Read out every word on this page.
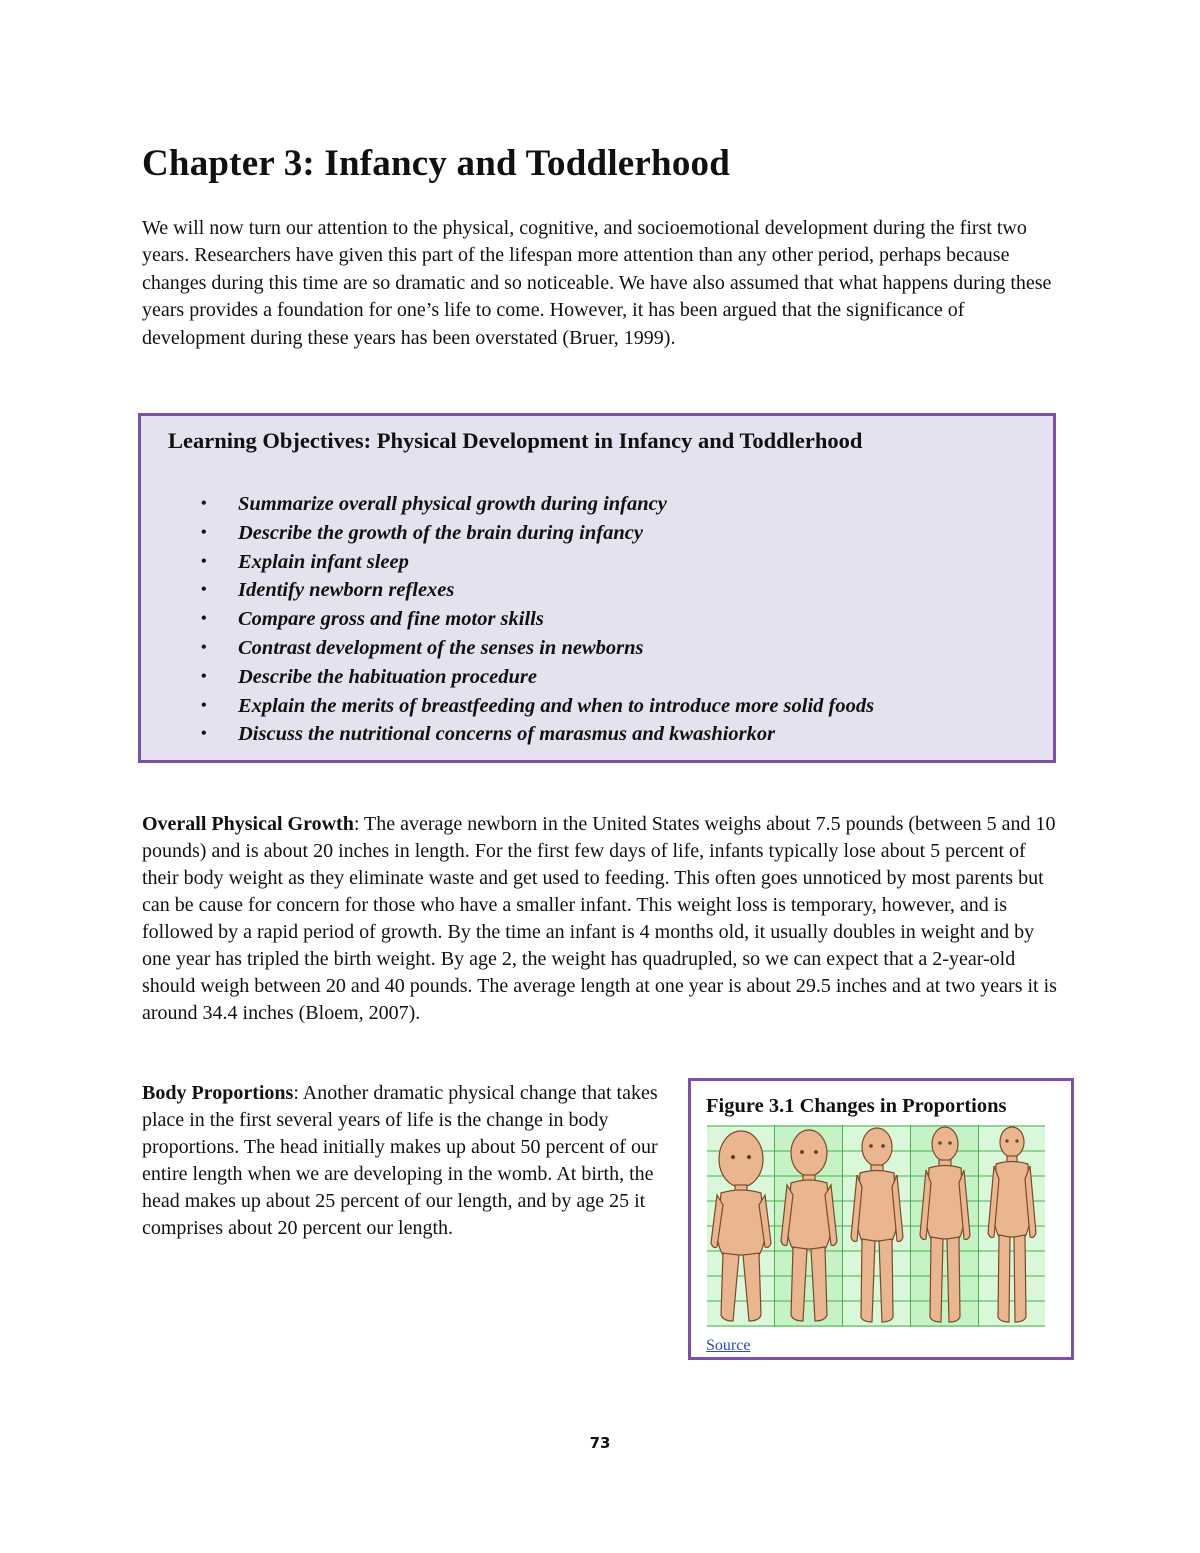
Chapter 3: Infancy and Toddlerhood

We will now turn our attention to the physical, cognitive, and socioemotional development during the first two years. Researchers have given this part of the lifespan more attention than any other period, perhaps because changes during this time are so dramatic and so noticeable. We have also assumed that what happens during these years provides a foundation for one’s life to come. However, it has been argued that the significance of development during these years has been overstated (Bruer, 1999).

Learning Objectives: Physical Development in Infancy and Toddlerhood
• Summarize overall physical growth during infancy
• Describe the growth of the brain during infancy
• Explain infant sleep
• Identify newborn reflexes
• Compare gross and fine motor skills
• Contrast development of the senses in newborns
• Describe the habituation procedure
• Explain the merits of breastfeeding and when to introduce more solid foods
• Discuss the nutritional concerns of marasmus and kwashiorkor

Overall Physical Growth: The average newborn in the United States weighs about 7.5 pounds (between 5 and 10 pounds) and is about 20 inches in length. For the first few days of life, infants typically lose about 5 percent of their body weight as they eliminate waste and get used to feeding. This often goes unnoticed by most parents but can be cause for concern for those who have a smaller infant. This weight loss is temporary, however, and is followed by a rapid period of growth. By the time an infant is 4 months old, it usually doubles in weight and by one year has tripled the birth weight. By age 2, the weight has quadrupled, so we can expect that a 2-year-old should weigh between 20 and 40 pounds. The average length at one year is about 29.5 inches and at two years it is around 34.4 inches (Bloem, 2007).

Body Proportions: Another dramatic physical change that takes place in the first several years of life is the change in body proportions. The head initially makes up about 50 percent of our entire length when we are developing in the womb. At birth, the head makes up about 25 percent of our length, and by age 25 it comprises about 20 percent our length.

Figure 3.1 Changes in Proportions

Source
73
